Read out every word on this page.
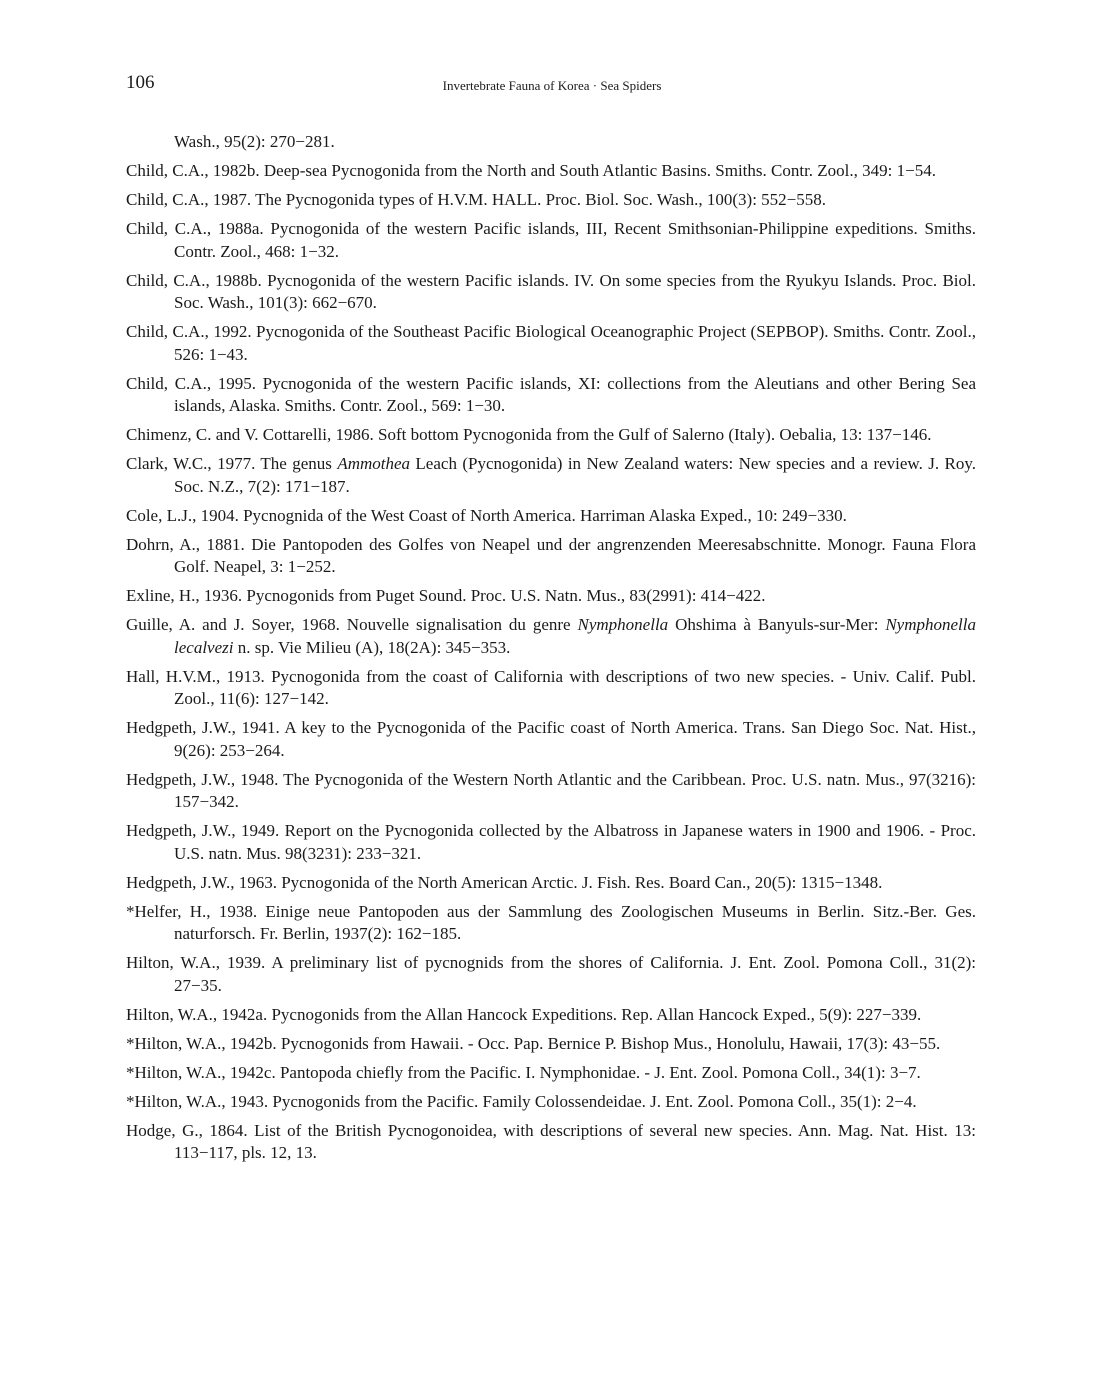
106	Invertebrate Fauna of Korea · Sea Spiders

Wash., 95(2): 270−281.

Child, C.A., 1982b. Deep-sea Pycnogonida from the North and South Atlantic Basins. Smiths. Contr. Zool., 349: 1−54.

Child, C.A., 1987. The Pycnogonida types of H.V.M. HALL. Proc. Biol. Soc. Wash., 100(3): 552−558.

Child, C.A., 1988a. Pycnogonida of the western Pacific islands, III, Recent Smithsonian-Philippine expeditions. Smiths. Contr. Zool., 468: 1−32.

Child, C.A., 1988b. Pycnogonida of the western Pacific islands. IV. On some species from the Ryukyu Islands. Proc. Biol. Soc. Wash., 101(3): 662−670.

Child, C.A., 1992. Pycnogonida of the Southeast Pacific Biological Oceanographic Project (SEPBOP). Smiths. Contr. Zool., 526: 1−43.

Child, C.A., 1995. Pycnogonida of the western Pacific islands, XI: collections from the Aleutians and other Bering Sea islands, Alaska. Smiths. Contr. Zool., 569: 1−30.

Chimenz, C. and V. Cottarelli, 1986. Soft bottom Pycnogonida from the Gulf of Salerno (Italy). Oebalia, 13: 137−146.

Clark, W.C., 1977. The genus Ammothea Leach (Pycnogonida) in New Zealand waters: New species and a review. J. Roy. Soc. N.Z., 7(2): 171−187.

Cole, L.J., 1904. Pycnognida of the West Coast of North America. Harriman Alaska Exped., 10: 249−330.

Dohrn, A., 1881. Die Pantopoden des Golfes von Neapel und der angrenzenden Meeresabschnitte. Monogr. Fauna Flora Golf. Neapel, 3: 1−252.

Exline, H., 1936. Pycnogonids from Puget Sound. Proc. U.S. Natn. Mus., 83(2991): 414−422.

Guille, A. and J. Soyer, 1968. Nouvelle signalisation du genre Nymphonella Ohshima à Banyuls-sur-Mer: Nymphonella lecalvezi n. sp. Vie Milieu (A), 18(2A): 345−353.

Hall, H.V.M., 1913. Pycnogonida from the coast of California with descriptions of two new species. - Univ. Calif. Publ. Zool., 11(6): 127−142.

Hedgpeth, J.W., 1941. A key to the Pycnogonida of the Pacific coast of North America. Trans. San Diego Soc. Nat. Hist., 9(26): 253−264.

Hedgpeth, J.W., 1948. The Pycnogonida of the Western North Atlantic and the Caribbean. Proc. U.S. natn. Mus., 97(3216): 157−342.

Hedgpeth, J.W., 1949. Report on the Pycnogonida collected by the Albatross in Japanese waters in 1900 and 1906. - Proc. U.S. natn. Mus. 98(3231): 233−321.

Hedgpeth, J.W., 1963. Pycnogonida of the North American Arctic. J. Fish. Res. Board Can., 20(5): 1315−1348.

*Helfer, H., 1938. Einige neue Pantopoden aus der Sammlung des Zoologischen Museums in Berlin. Sitz.-Ber. Ges. naturforsch. Fr. Berlin, 1937(2): 162−185.

Hilton, W.A., 1939. A preliminary list of pycnognids from the shores of California. J. Ent. Zool. Pomona Coll., 31(2): 27−35.

Hilton, W.A., 1942a. Pycnogonids from the Allan Hancock Expeditions. Rep. Allan Hancock Exped., 5(9): 227−339.

*Hilton, W.A., 1942b. Pycnogonids from Hawaii. - Occ. Pap. Bernice P. Bishop Mus., Honolulu, Hawaii, 17(3): 43−55.

*Hilton, W.A., 1942c. Pantopoda chiefly from the Pacific. I. Nymphonidae. - J. Ent. Zool. Pomona Coll., 34(1): 3−7.

*Hilton, W.A., 1943. Pycnogonids from the Pacific. Family Colossendeidae. J. Ent. Zool. Pomona Coll., 35(1): 2−4.

Hodge, G., 1864. List of the British Pycnogonoidea, with descriptions of several new species. Ann. Mag. Nat. Hist. 13: 113−117, pls. 12, 13.
